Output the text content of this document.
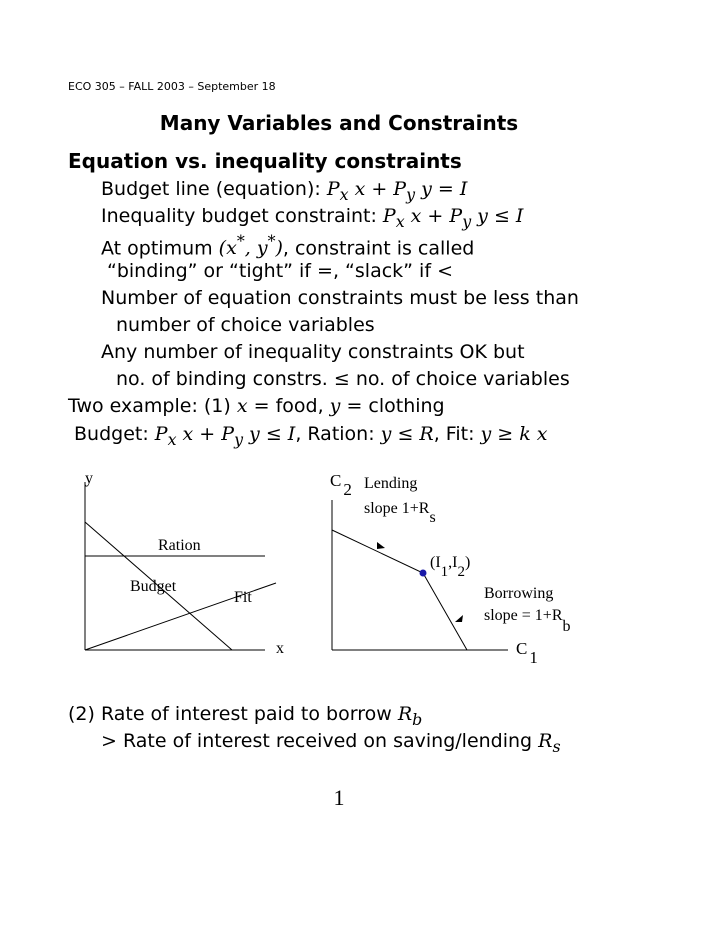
ECO 305 – FALL 2003 – September 18
Many Variables and Constraints
Equation vs. inequality constraints
Budget line (equation): $P_x$ $x + P_y$ y = I
Inequality budget constraint: $P_x$ $x + P_y$ y ≤ I
At optimum (x*, y*), constraint is called
“binding” or “tight” if =, “slack” if <
Number of equation constraints must be less than
number of choice variables
Any number of inequality constraints OK but
no. of binding constrs. ≤ no. of choice variables
Two example: (1) x = food, y = clothing
Budget: $P_x$ $x + P_y$ y ≤ I, Ration: y ≤ R, Fit: y ≥ k x
y
x
Ration
Budget
Fit
C 2 Lending
slope 1+Rs
(I1,I2)
Borrowing
slope = 1+Rb
C 1
(2) Rate of interest paid to borrow $R_b$
> Rate of interest received on saving/lending $R_s$
1
